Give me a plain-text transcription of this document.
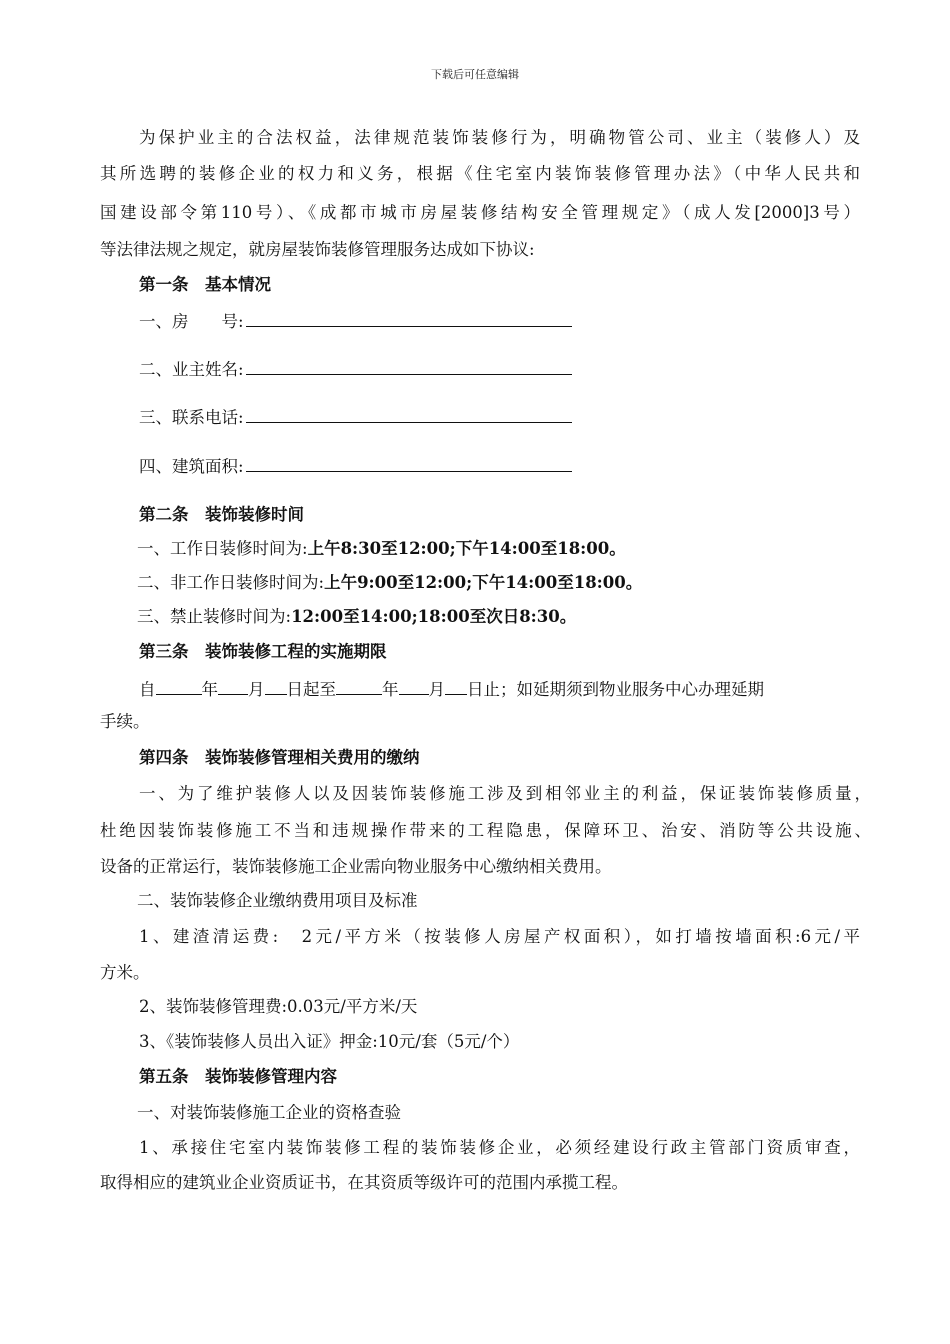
下载后可任意编辑
为保护业主的合法权益，法律规范装饰装修行为，明确物管公司、业主（装修人）及
其所选聘的装修企业的权力和义务，根据《住宅室内装饰装修管理办法》（中华人民共和
国建设部令第110号）、《成都市城市房屋装修结构安全管理规定》（成人发[2000]3号）
等法律法规之规定，就房屋装饰装修管理服务达成如下协议:
第一条　基本情况
一、房　　号:
二、业主姓名:
三、联系电话:
四、建筑面积:
第二条　装饰装修时间
一、工作日装修时间为:上午8:30至12:00;下午14:00至18:00。
二、非工作日装修时间为:上午9:00至12:00;下午14:00至18:00。
三、禁止装修时间为:12:00至14:00;18:00至次日8:30。
第三条　装饰装修工程的实施期限
自	年 月 日起至	年 月 日止；如延期须到物业服务中心办理延期
手续。
第四条　装饰装修管理相关费用的缴纳
一、为了维护装修人以及因装饰装修施工涉及到相邻业主的利益，保证装饰装修质量，
杜绝因装饰装修施工不当和违规操作带来的工程隐患，保障环卫、治安、消防等公共设施、
设备的正常运行，装饰装修施工企业需向物业服务中心缴纳相关费用。
二、装饰装修企业缴纳费用项目及标准
1、建渣清运费:　2元/平方米（按装修人房屋产权面积），如打墙按墙面积:6元/平
方米。
2、装饰装修管理费:0.03元/平方米/天
3、《装饰装修人员出入证》押金:10元/套（5元/个）
第五条　装饰装修管理内容
一、对装饰装修施工企业的资格查验
1、承接住宅室内装饰装修工程的装饰装修企业，必须经建设行政主管部门资质审查，
取得相应的建筑业企业资质证书，在其资质等级许可的范围内承揽工程。
